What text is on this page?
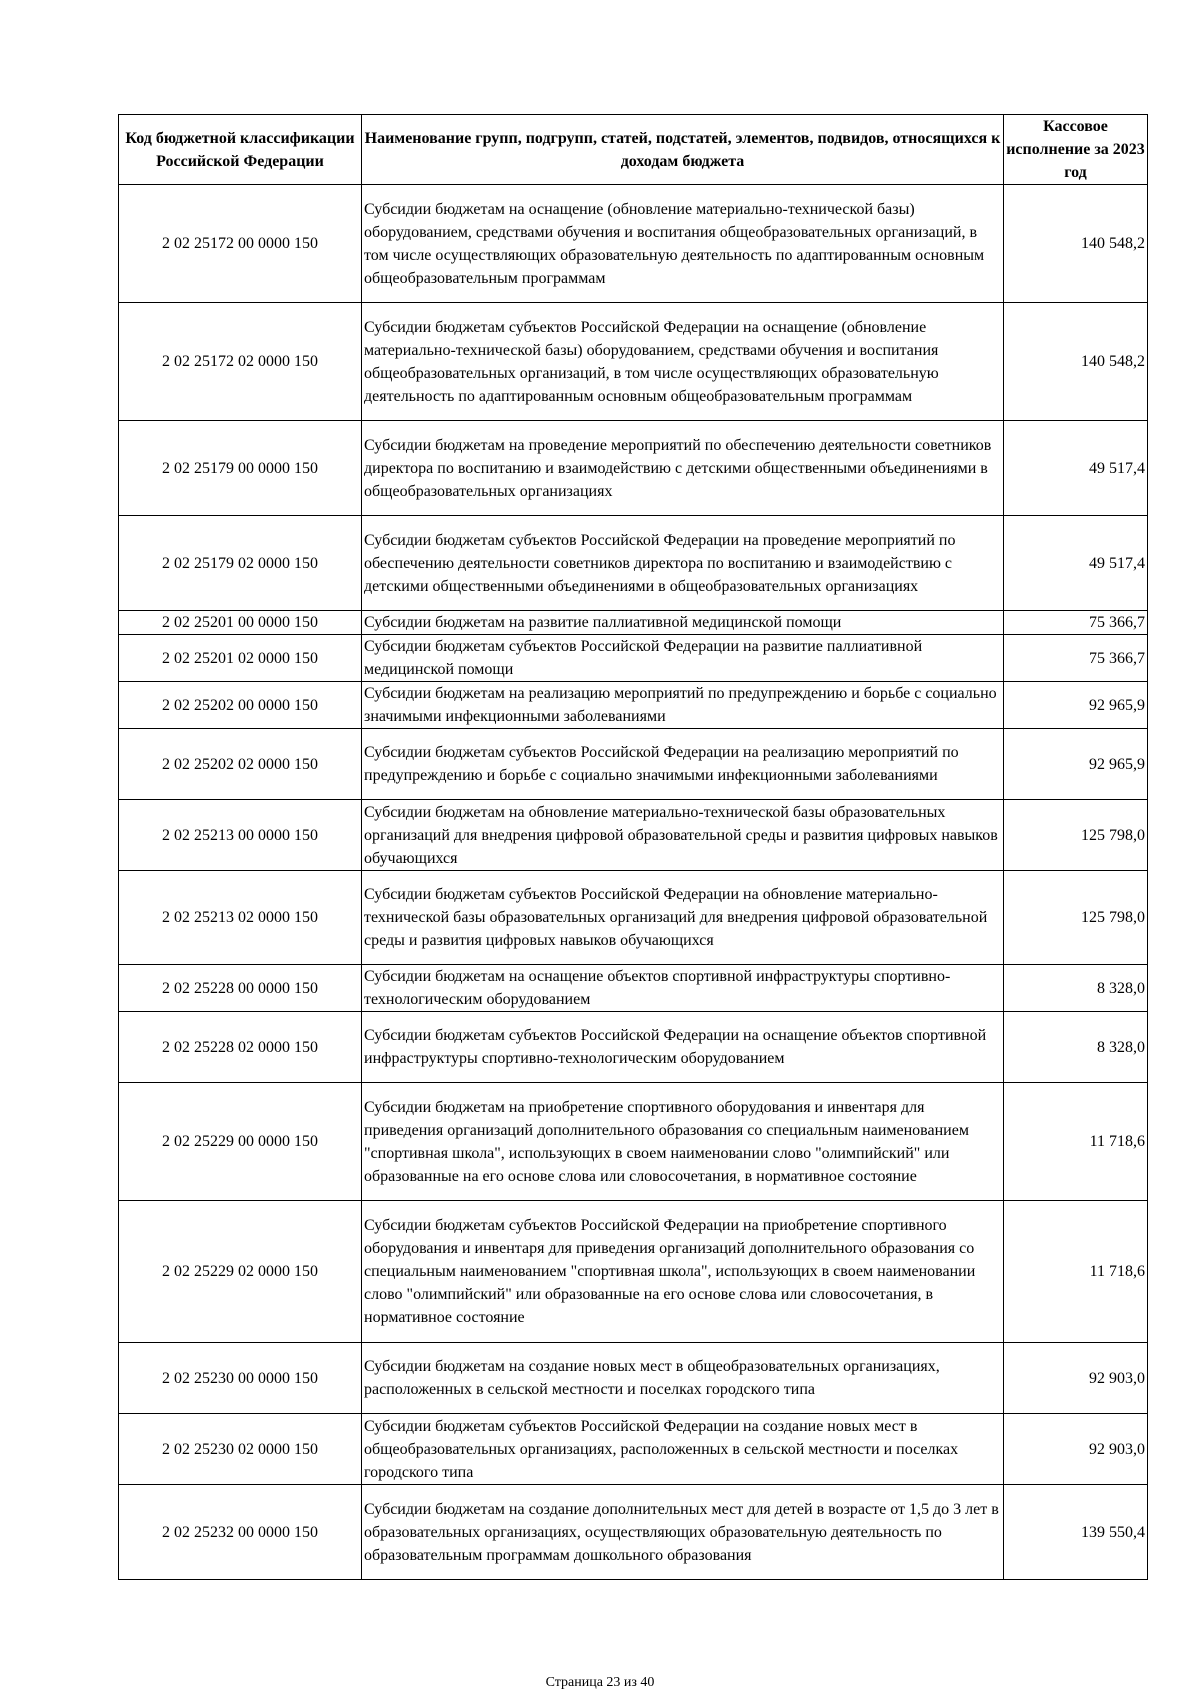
Код бюджетной классификации Российской Федерации	Наименование групп, подгрупп, статей, подстатей, элементов, подвидов, относящихся к доходам бюджета	Кассовое исполнение за 2023 год
2 02 25172 00 0000 150	Субсидии бюджетам на оснащение (обновление материально-технической базы) оборудованием, средствами обучения и воспитания общеобразовательных организаций, в том числе осуществляющих образовательную деятельность по адаптированным основным общеобразовательным программам	140 548,2
2 02 25172 02 0000 150	Субсидии бюджетам субъектов Российской Федерации на оснащение (обновление материально-технической базы) оборудованием, средствами обучения и воспитания общеобразовательных организаций, в том числе осуществляющих образовательную деятельность по адаптированным основным общеобразовательным программам	140 548,2
2 02 25179 00 0000 150	Субсидии бюджетам на проведение мероприятий по обеспечению деятельности советников директора по воспитанию и взаимодействию с детскими общественными объединениями в общеобразовательных организациях	49 517,4
2 02 25179 02 0000 150	Субсидии бюджетам субъектов Российской Федерации на проведение мероприятий по обеспечению деятельности советников директора по воспитанию и взаимодействию с детскими общественными объединениями в общеобразовательных организациях	49 517,4
2 02 25201 00 0000 150	Субсидии бюджетам на развитие паллиативной медицинской помощи	75 366,7
2 02 25201 02 0000 150	Субсидии бюджетам субъектов Российской Федерации на развитие паллиативной медицинской помощи	75 366,7
2 02 25202 00 0000 150	Субсидии бюджетам на реализацию мероприятий по предупреждению и борьбе с социально значимыми инфекционными заболеваниями	92 965,9
2 02 25202 02 0000 150	Субсидии бюджетам субъектов Российской Федерации на реализацию мероприятий по предупреждению и борьбе с социально значимыми инфекционными заболеваниями	92 965,9
2 02 25213 00 0000 150	Субсидии бюджетам на обновление материально-технической базы образовательных организаций для внедрения цифровой образовательной среды и развития цифровых навыков обучающихся	125 798,0
2 02 25213 02 0000 150	Субсидии бюджетам субъектов Российской Федерации на обновление материально-технической базы образовательных организаций для внедрения цифровой образовательной среды и развития цифровых навыков обучающихся	125 798,0
2 02 25228 00 0000 150	Субсидии бюджетам на оснащение объектов спортивной инфраструктуры спортивно-технологическим оборудованием	8 328,0
2 02 25228 02 0000 150	Субсидии бюджетам субъектов Российской Федерации на оснащение объектов спортивной инфраструктуры спортивно-технологическим оборудованием	8 328,0
2 02 25229 00 0000 150	Субсидии бюджетам на приобретение спортивного оборудования и инвентаря для приведения организаций дополнительного образования со специальным наименованием "спортивная школа", использующих в своем наименовании слово "олимпийский" или образованные на его основе слова или словосочетания, в нормативное состояние	11 718,6
2 02 25229 02 0000 150	Субсидии бюджетам субъектов Российской Федерации на приобретение спортивного оборудования и инвентаря для приведения организаций дополнительного образования со специальным наименованием "спортивная школа", использующих в своем наименовании слово "олимпийский" или образованные на его основе слова или словосочетания, в нормативное состояние	11 718,6
2 02 25230 00 0000 150	Субсидии бюджетам на создание новых мест в общеобразовательных организациях, расположенных в сельской местности и поселках городского типа	92 903,0
2 02 25230 02 0000 150	Субсидии бюджетам субъектов Российской Федерации на создание новых мест в общеобразовательных организациях, расположенных в сельской местности и поселках городского типа	92 903,0
2 02 25232 00 0000 150	Субсидии бюджетам на создание дополнительных мест для детей в возрасте от 1,5 до 3 лет в образовательных организациях, осуществляющих образовательную деятельность по образовательным программам дошкольного образования	139 550,4
Страница 23 из 40
